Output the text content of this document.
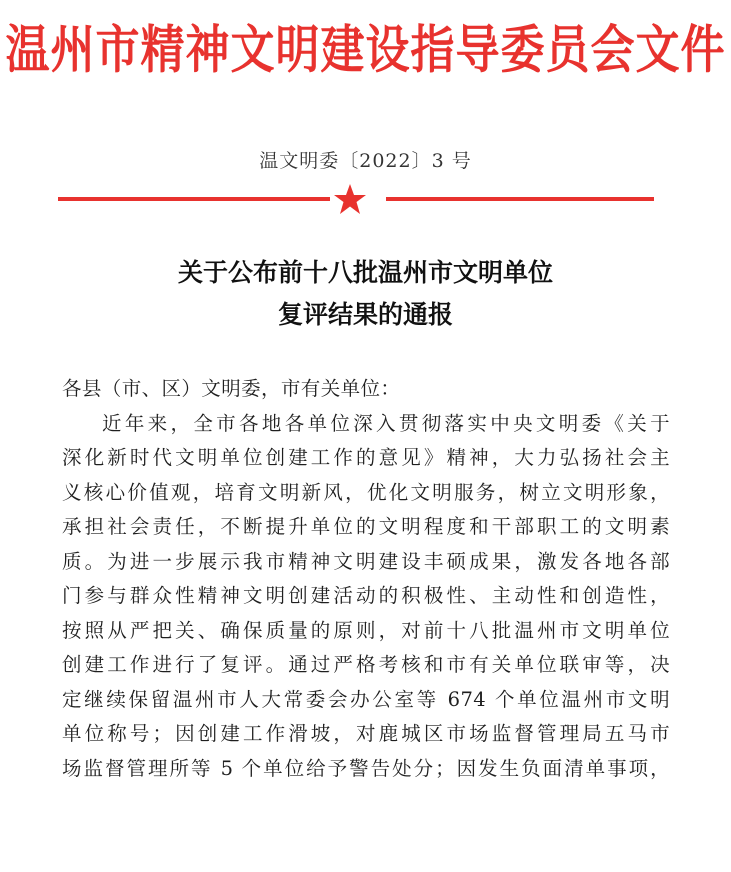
温州市精神文明建设指导委员会文件
温文明委〔2022〕3 号
关于公布前十八批温州市文明单位
复评结果的通报

各县（市、区）文明委，市有关单位：

近年来，全市各地各单位深入贯彻落实中央文明委《关于

深化新时代文明单位创建工作的意见》精神，大力弘扬社会主

义核心价值观，培育文明新风，优化文明服务，树立文明形象，

承担社会责任，不断提升单位的文明程度和干部职工的文明素

质。为进一步展示我市精神文明建设丰硕成果，激发各地各部

门参与群众性精神文明创建活动的积极性、主动性和创造性，

按照从严把关、确保质量的原则，对前十八批温州市文明单位

创建工作进行了复评。通过严格考核和市有关单位联审等，决

定继续保留温州市人大常委会办公室等 674 个单位温州市文明

单位称号；因创建工作滑坡，对鹿城区市场监督管理局五马市

场监督管理所等 5 个单位给予警告处分；因发生负面清单事项，
